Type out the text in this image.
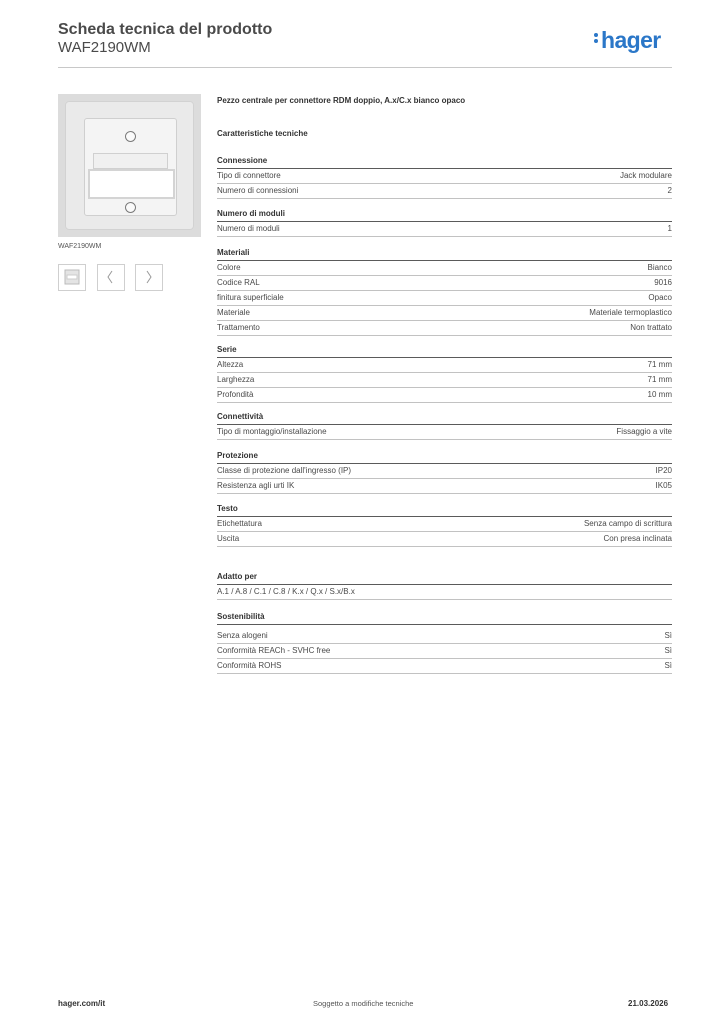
Scheda tecnica del prodotto
WAF2190WM	hager
WAF2190WM
Pezzo centrale per connettore RDM doppio, A.x/C.x bianco opaco
Caratteristiche tecniche
Connessione
Tipo di connettore	Jack modulare
Numero di connessioni	2
Numero di moduli
Numero di moduli	1
Materiali
Colore	Bianco
Codice RAL	9016
finitura superficiale	Opaco
Materiale	Materiale termoplastico
Trattamento	Non trattato
Serie
Altezza	71 mm
Larghezza	71 mm
Profondità	10 mm
Connettività
Tipo di montaggio/installazione	Fissaggio a vite
Protezione
Classe di protezione dall'ingresso (IP)	IP20
Resistenza agli urti IK	IK05
Testo
Etichettatura	Senza campo di scrittura
Uscita	Con presa inclinata
Adatto per
A.1 / A.8 / C.1 / C.8 / K.x / Q.x / S.x/B.x
Sostenibilità
Senza alogeni	Sì
Conformità REACh - SVHC free	Sì
Conformità ROHS	Sì
hager.com/it	Soggetto a modifiche tecniche	21.03.2026
